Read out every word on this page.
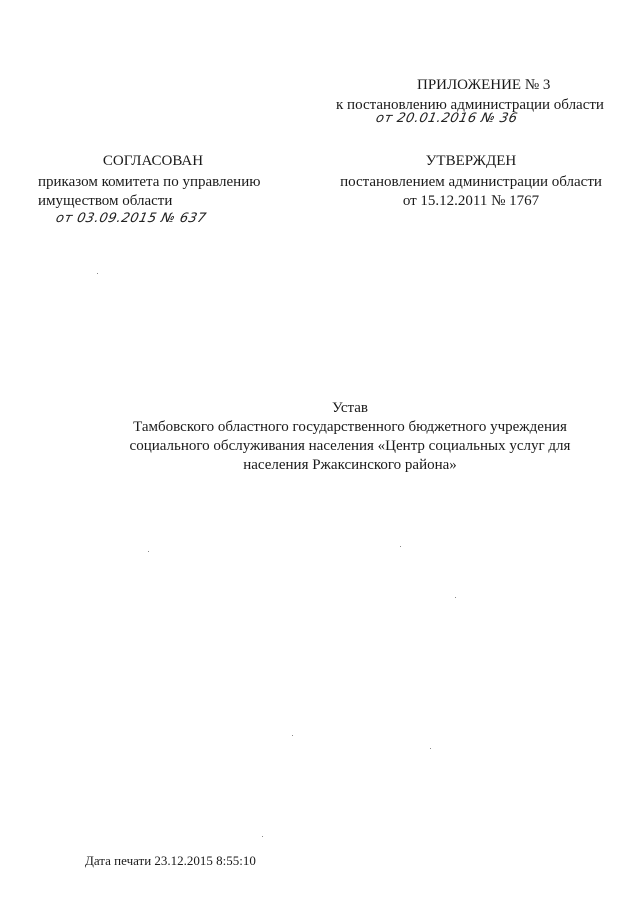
ПРИЛОЖЕНИЕ № 3
к постановлению администрации области
от 20.01.2016 № 36
СОГЛАСОВАН
приказом комитета по управлению
имуществом области
от 03.09.2015 № 637
УТВЕРЖДЕН
постановлением администрации области
от 15.12.2011 № 1767
Устав
Тамбовского областного государственного бюджетного учреждения
социального обслуживания населения «Центр социальных услуг для
населения Ржаксинского района»
Дата печати 23.12.2015 8:55:10
